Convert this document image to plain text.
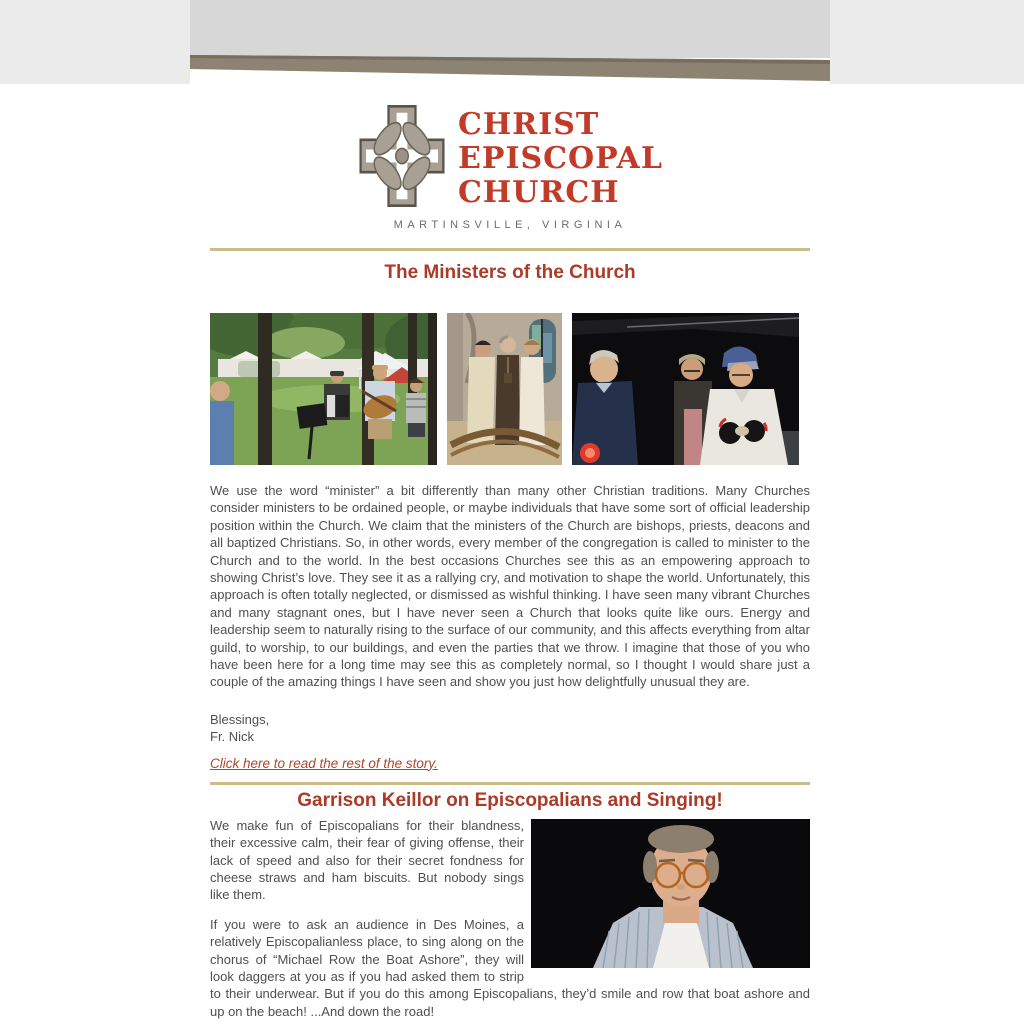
CHRIST
EPISCOPAL
CHURCH
MARTINSVILLE, VIRGINIA
The Ministers of the Church

We use the word “minister” a bit differently than many other Christian traditions. Many Churches consider ministers to be ordained people, or maybe individuals that have some sort of official leadership position within the Church. We claim that the ministers of the Church are bishops, priests, deacons and all baptized Christians. So, in other words, every member of the congregation is called to minister to the Church and to the world. In the best occasions Churches see this as an empowering approach to showing Christ’s love. They see it as a rallying cry, and motivation to shape the world. Unfortunately, this approach is often totally neglected, or dismissed as wishful thinking. I have seen many vibrant Churches and many stagnant ones, but I have never seen a Church that looks quite like ours. Energy and leadership seem to naturally rising to the surface of our community, and this affects everything from altar guild, to worship, to our buildings, and even the parties that we throw. I imagine that those of you who have been here for a long time may see this as completely normal, so I thought I would share just a couple of the amazing things I have seen and show you just how delightfully unusual they are.

Blessings,
Fr. Nick
Click here to read the rest of the story.
Garrison Keillor on Episcopalians and Singing!

We make fun of Episcopalians for their blandness, their excessive calm, their fear of giving offense, their lack of speed and also for their secret fondness for cheese straws and ham biscuits. But nobody sings like them.

If you were to ask an audience in Des Moines, a relatively Episcopalianless place, to sing along on the chorus of “Michael Row the Boat Ashore”, they will look daggers at you as if you had asked them to strip to their underwear. But if you do this among Episcopalians, they’d smile and row that boat ashore and up on the beach! ...And down the road!
